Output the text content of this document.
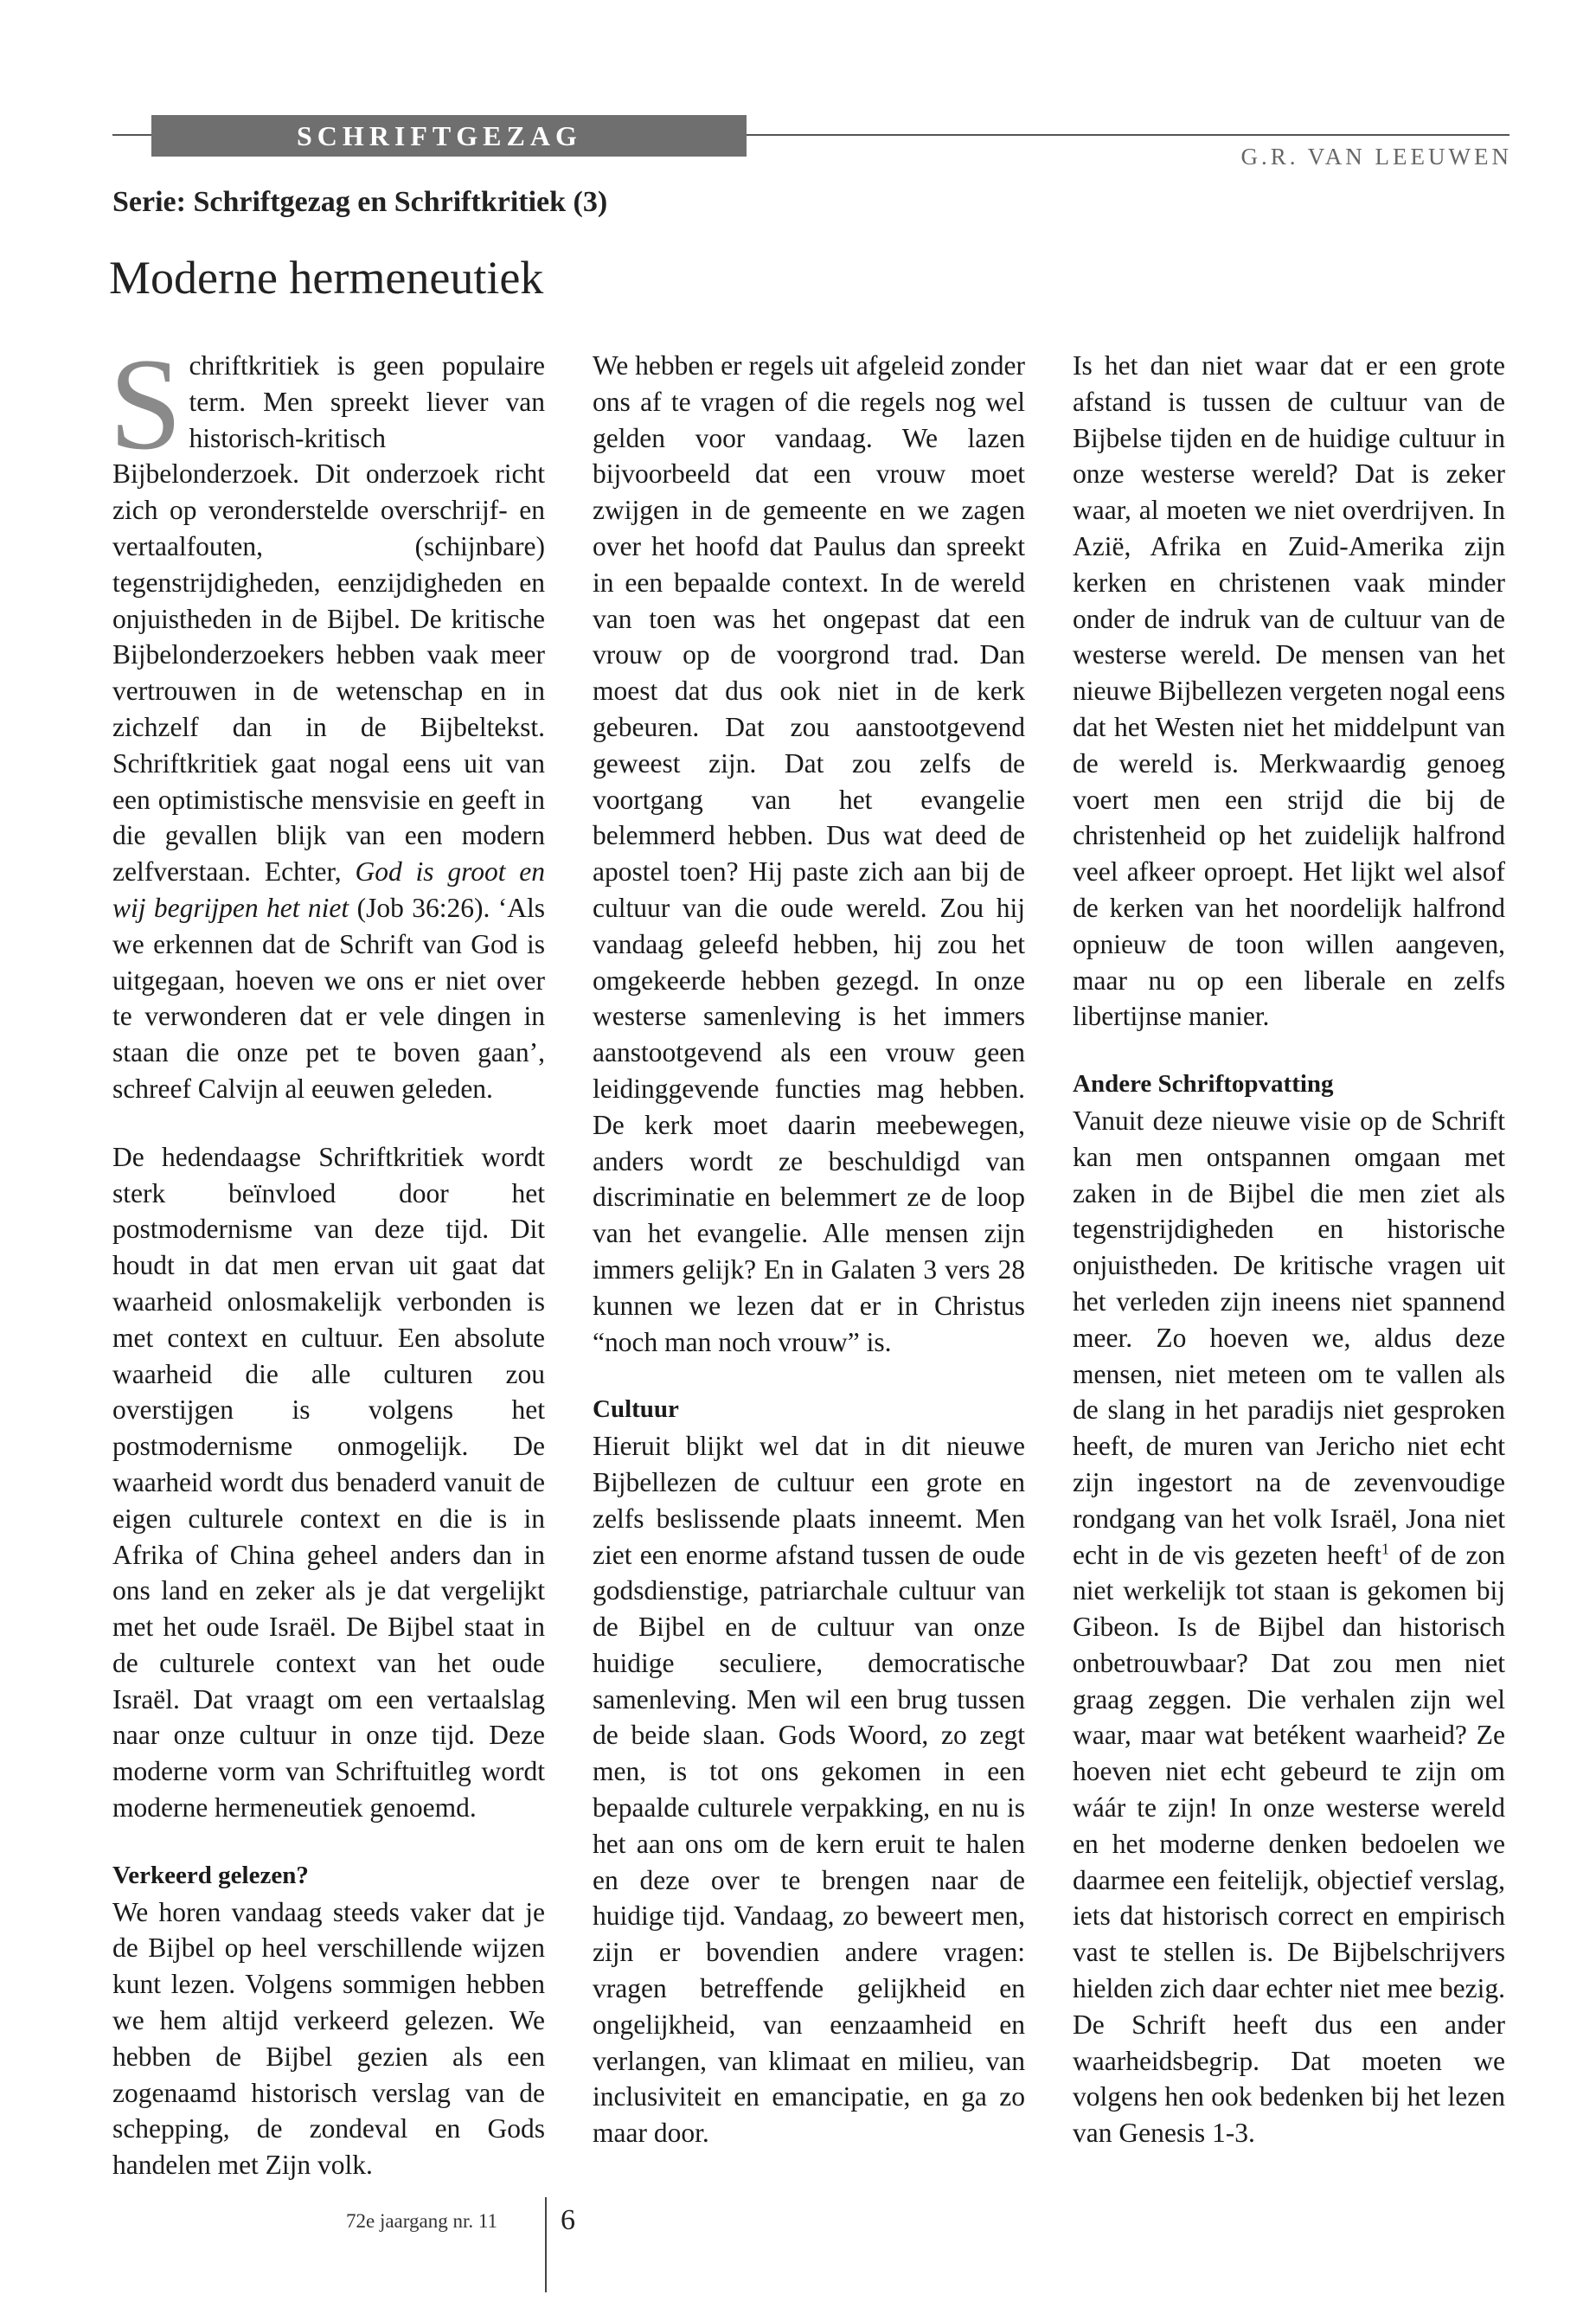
SCHRIFTGEZAG
G.R. VAN LEEUWEN
Serie: Schriftgezag en Schriftkritiek (3)
Moderne hermeneutiek

Schriftkritiek is geen populaire term. Men spreekt liever van historisch-kritisch Bijbelonderzoek. Dit onderzoek richt zich op veronderstelde overschrijf- en vertaalfouten, (schijnbare) tegenstrijdigheden, eenzijdigheden en onjuistheden in de Bijbel. De kritische Bijbelonderzoekers hebben vaak meer vertrouwen in de wetenschap en in zichzelf dan in de Bijbeltekst. Schriftkritiek gaat nogal eens uit van een optimistische mensvisie en geeft in die gevallen blijk van een modern zelfverstaan. Echter, God is groot en wij begrijpen het niet (Job 36:26). ‘Als we erkennen dat de Schrift van God is uitgegaan, hoeven we ons er niet over te verwonderen dat er vele dingen in staan die onze pet te boven gaan’, schreef Calvijn al eeuwen geleden.

De hedendaagse Schriftkritiek wordt sterk beïnvloed door het postmodernisme van deze tijd. Dit houdt in dat men ervan uit gaat dat waarheid onlosmakelijk verbonden is met context en cultuur. Een absolute waarheid die alle culturen zou overstijgen is volgens het postmodernisme onmogelijk. De waarheid wordt dus benaderd vanuit de eigen culturele context en die is in Afrika of China geheel anders dan in ons land en zeker als je dat vergelijkt met het oude Israël. De Bijbel staat in de culturele context van het oude Israël. Dat vraagt om een vertaalslag naar onze cultuur in onze tijd. Deze moderne vorm van Schriftuitleg wordt moderne hermeneutiek genoemd.

Verkeerd gelezen?

We horen vandaag steeds vaker dat je de Bijbel op heel verschillende wijzen kunt lezen. Volgens sommigen hebben we hem altijd verkeerd gelezen. We hebben de Bijbel gezien als een zogenaamd historisch verslag van de schepping, de zondeval en Gods handelen met Zijn volk.

We hebben er regels uit afgeleid zonder ons af te vragen of die regels nog wel gelden voor vandaag. We lazen bijvoorbeeld dat een vrouw moet zwijgen in de gemeente en we zagen over het hoofd dat Paulus dan spreekt in een bepaalde context. In de wereld van toen was het ongepast dat een vrouw op de voorgrond trad. Dan moest dat dus ook niet in de kerk gebeuren. Dat zou aanstootgevend geweest zijn. Dat zou zelfs de voortgang van het evangelie belemmerd hebben. Dus wat deed de apostel toen? Hij paste zich aan bij de cultuur van die oude wereld. Zou hij vandaag geleefd hebben, hij zou het omgekeerde hebben gezegd. In onze westerse samenleving is het immers aanstootgevend als een vrouw geen leidinggevende functies mag hebben. De kerk moet daarin meebewegen, anders wordt ze beschuldigd van discriminatie en belemmert ze de loop van het evangelie. Alle mensen zijn immers gelijk? En in Galaten 3 vers 28 kunnen we lezen dat er in Christus “noch man noch vrouw” is.

Cultuur

Hieruit blijkt wel dat in dit nieuwe Bijbellezen de cultuur een grote en zelfs beslissende plaats inneemt. Men ziet een enorme afstand tussen de oude godsdienstige, patriarchale cultuur van de Bijbel en de cultuur van onze huidige seculiere, democratische samenleving. Men wil een brug tussen de beide slaan. Gods Woord, zo zegt men, is tot ons gekomen in een bepaalde culturele verpakking, en nu is het aan ons om de kern eruit te halen en deze over te brengen naar de huidige tijd. Vandaag, zo beweert men, zijn er bovendien andere vragen: vragen betreffende gelijkheid en ongelijkheid, van eenzaamheid en verlangen, van klimaat en milieu, van inclusiviteit en emancipatie, en ga zo maar door.

Is het dan niet waar dat er een grote afstand is tussen de cultuur van de Bijbelse tijden en de huidige cultuur in onze westerse wereld? Dat is zeker waar, al moeten we niet overdrijven. In Azië, Afrika en Zuid-Amerika zijn kerken en christenen vaak minder onder de indruk van de cultuur van de westerse wereld. De mensen van het nieuwe Bijbellezen vergeten nogal eens dat het Westen niet het middelpunt van de wereld is. Merkwaardig genoeg voert men een strijd die bij de christenheid op het zuidelijk halfrond veel afkeer oproept. Het lijkt wel alsof de kerken van het noordelijk halfrond opnieuw de toon willen aangeven, maar nu op een liberale en zelfs libertijnse manier.

Andere Schriftopvatting

Vanuit deze nieuwe visie op de Schrift kan men ontspannen omgaan met zaken in de Bijbel die men ziet als tegenstrijdigheden en historische onjuistheden. De kritische vragen uit het verleden zijn ineens niet spannend meer. Zo hoeven we, aldus deze mensen, niet meteen om te vallen als de slang in het paradijs niet gesproken heeft, de muren van Jericho niet echt zijn ingestort na de zevenvoudige rondgang van het volk Israël, Jona niet echt in de vis gezeten heeft$^1$ of de zon niet werkelijk tot staan is gekomen bij Gibeon. Is de Bijbel dan historisch onbetrouwbaar? Dat zou men niet graag zeggen. Die verhalen zijn wel waar, maar wat betékent waarheid? Ze hoeven niet echt gebeurd te zijn om wáár te zijn! In onze westerse wereld en het moderne denken bedoelen we daarmee een feitelijk, objectief verslag, iets dat historisch correct en empirisch vast te stellen is. De Bijbelschrijvers hielden zich daar echter niet mee bezig. De Schrift heeft dus een ander waarheidsbegrip. Dat moeten we volgens hen ook bedenken bij het lezen van Genesis 1-3.

72e jaargang nr. 11 6
